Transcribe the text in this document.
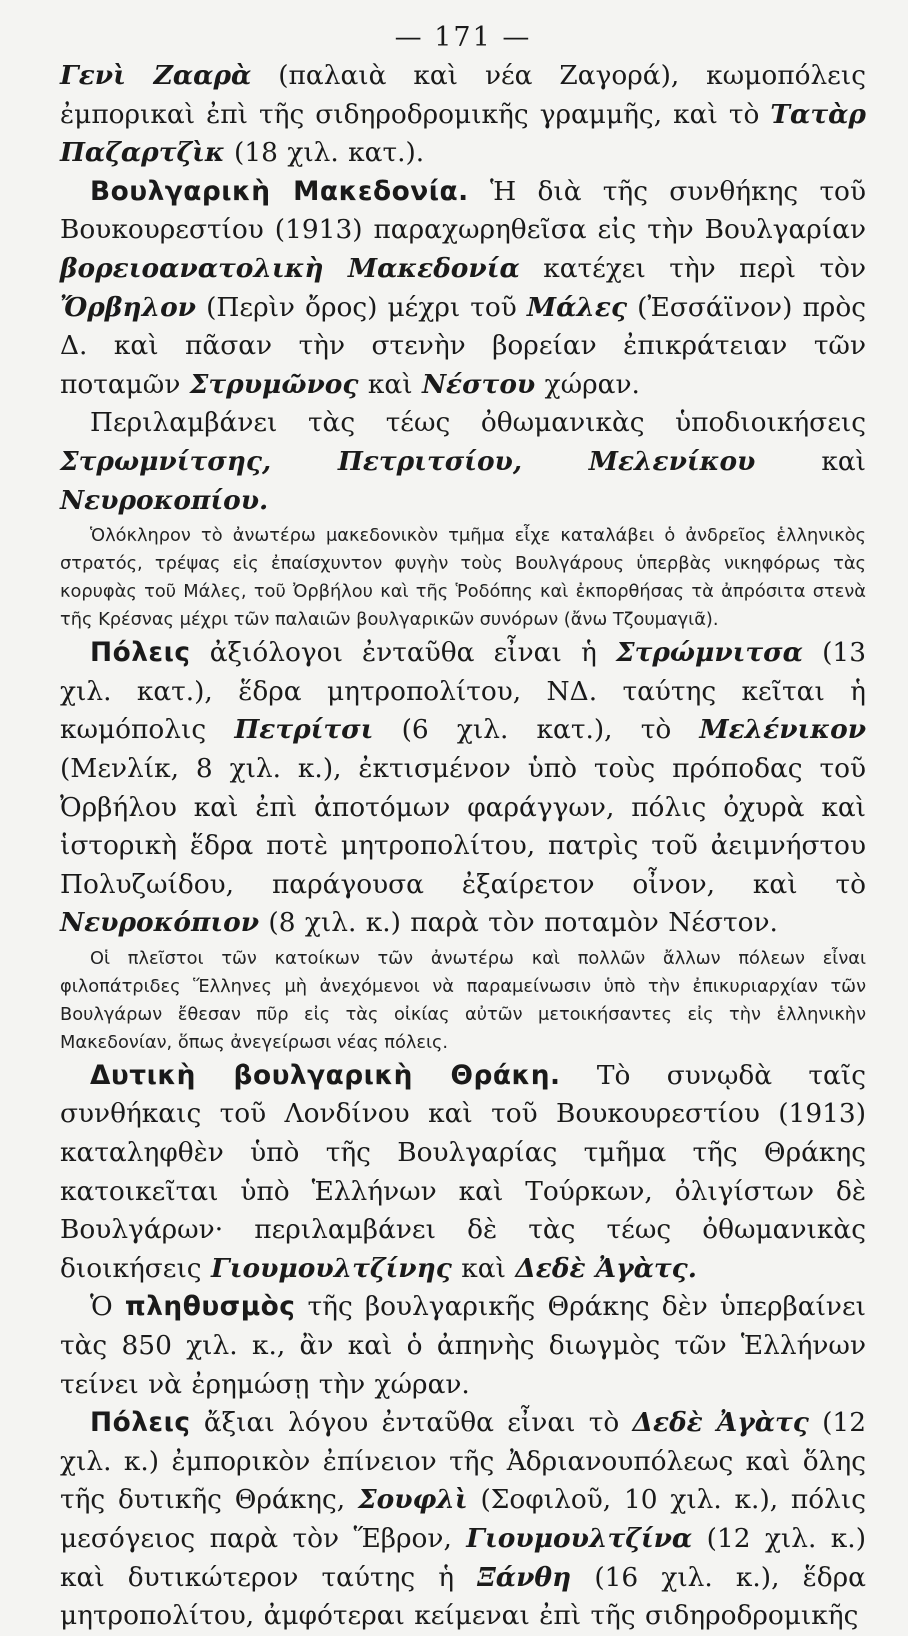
— 171 —

Γενὶ Ζααρὰ (παλαιὰ καὶ νέα Ζαγορά), κωμοπόλεις ἐμπορικαὶ ἐπὶ τῆς σιδηροδρομικῆς γραμμῆς, καὶ τὸ Τατὰρ Παζαρτζὶκ (18 χιλ. κατ.).

Βουλγαρικὴ Μακεδονία. Ἡ διὰ τῆς συνθήκης τοῦ Βουκουρεστίου (1913) παραχωρηθεῖσα εἰς τὴν Βουλγαρίαν βορειοανατολικὴ Μακεδονία κατέχει τὴν περὶ τὸν Ὄρβηλον (Περὶν ὄρος) μέχρι τοῦ Μάλες (Ἐσσάϊνον) πρὸς Δ. καὶ πᾶσαν τὴν στενὴν βορείαν ἐπικράτειαν τῶν ποταμῶν Στρυμῶνος καὶ Νέστου χώραν.

Περιλαμβάνει τὰς τέως ὀθωμανικὰς ὑποδιοικήσεις Στρωμνίτσης, Πετριτσίου, Μελενίκου καὶ Νευροκοπίου.

Ὁλόκληρον τὸ ἀνωτέρω μακεδονικὸν τμῆμα εἶχε καταλάβει ὁ ἀνδρεῖος ἑλληνικὸς στρατός, τρέψας εἰς ἐπαίσχυντον φυγὴν τοὺς Βουλγάρους ὑπερβὰς νικηφόρως τὰς κορυφὰς τοῦ Μάλες, τοῦ Ὀρβήλου καὶ τῆς Ῥοδόπης καὶ ἐκπορθήσας τὰ ἀπρόσιτα στενὰ τῆς Κρέσνας μέχρι τῶν παλαιῶν βουλγαρικῶν συνόρων (ἄνω Τζουμαγιᾶ).

Πόλεις ἀξιόλογοι ἐνταῦθα εἶναι ἡ Στρώμνιτσα (13 χιλ. κατ.), ἕδρα μητροπολίτου, ΝΔ. ταύτης κεῖται ἡ κωμόπολις Πετρίτσι (6 χιλ. κατ.), τὸ Μελένικον (Μενλίκ, 8 χιλ. κ.), ἐκτισμένον ὑπὸ τοὺς πρόποδας τοῦ Ὀρβήλου καὶ ἐπὶ ἀποτόμων φαράγγων, πόλις ὀχυρὰ καὶ ἱστορικὴ ἕδρα ποτὲ μητροπολίτου, πατρὶς τοῦ ἀειμνήστου Πολυζωίδου, παράγουσα ἐξαίρετον οἶνον, καὶ τὸ Νευροκόπιον (8 χιλ. κ.) παρὰ τὸν ποταμὸν Νέστον.

Οἱ πλεῖστοι τῶν κατοίκων τῶν ἀνωτέρω καὶ πολλῶν ἄλλων πόλεων εἶναι φιλοπάτριδες Ἕλληνες μὴ ἀνεχόμενοι νὰ παραμείνωσιν ὑπὸ τὴν ἐπικυριαρχίαν τῶν Βουλγάρων ἔθεσαν πῦρ εἰς τὰς οἰκίας αὐτῶν μετοικήσαντες εἰς τὴν ἑλληνικὴν Μακεδονίαν, ὅπως ἀνεγείρωσι νέας πόλεις.

Δυτικὴ βουλγαρικὴ Θράκη. Τὸ συνῳδὰ ταῖς συνθήκαις τοῦ Λονδίνου καὶ τοῦ Βουκουρεστίου (1913) καταληφθὲν ὑπὸ τῆς Βουλγαρίας τμῆμα τῆς Θράκης κατοικεῖται ὑπὸ Ἑλλήνων καὶ Τούρκων, ὀλιγίστων δὲ Βουλγάρων· περιλαμβάνει δὲ τὰς τέως ὀθωμανικὰς διοικήσεις Γιουμουλτζίνης καὶ Δεδὲ Ἀγὰτς.

Ὁ πληθυσμὸς τῆς βουλγαρικῆς Θράκης δὲν ὑπερβαίνει τὰς 850 χιλ. κ., ἂν καὶ ὁ ἀπηνὴς διωγμὸς τῶν Ἑλλήνων τείνει νὰ ἐρημώσῃ τὴν χώραν.

Πόλεις ἄξιαι λόγου ἐνταῦθα εἶναι τὸ Δεδὲ Ἀγὰτς (12 χιλ. κ.) ἐμπορικὸν ἐπίνειον τῆς Ἀδριανουπόλεως καὶ ὅλης τῆς δυτικῆς Θράκης, Σουφλὶ (Σοφιλοῦ, 10 χιλ. κ.), πόλις μεσόγειος παρὰ τὸν Ἕβρον, Γιουμουλτζίνα (12 χιλ. κ.) καὶ δυτικώτερον ταύτης ἡ Ξάνθη (16 χιλ. κ.), ἕδρα μητροπολίτου, ἀμφότεραι κείμεναι ἐπὶ τῆς σιδηροδρομικῆς
